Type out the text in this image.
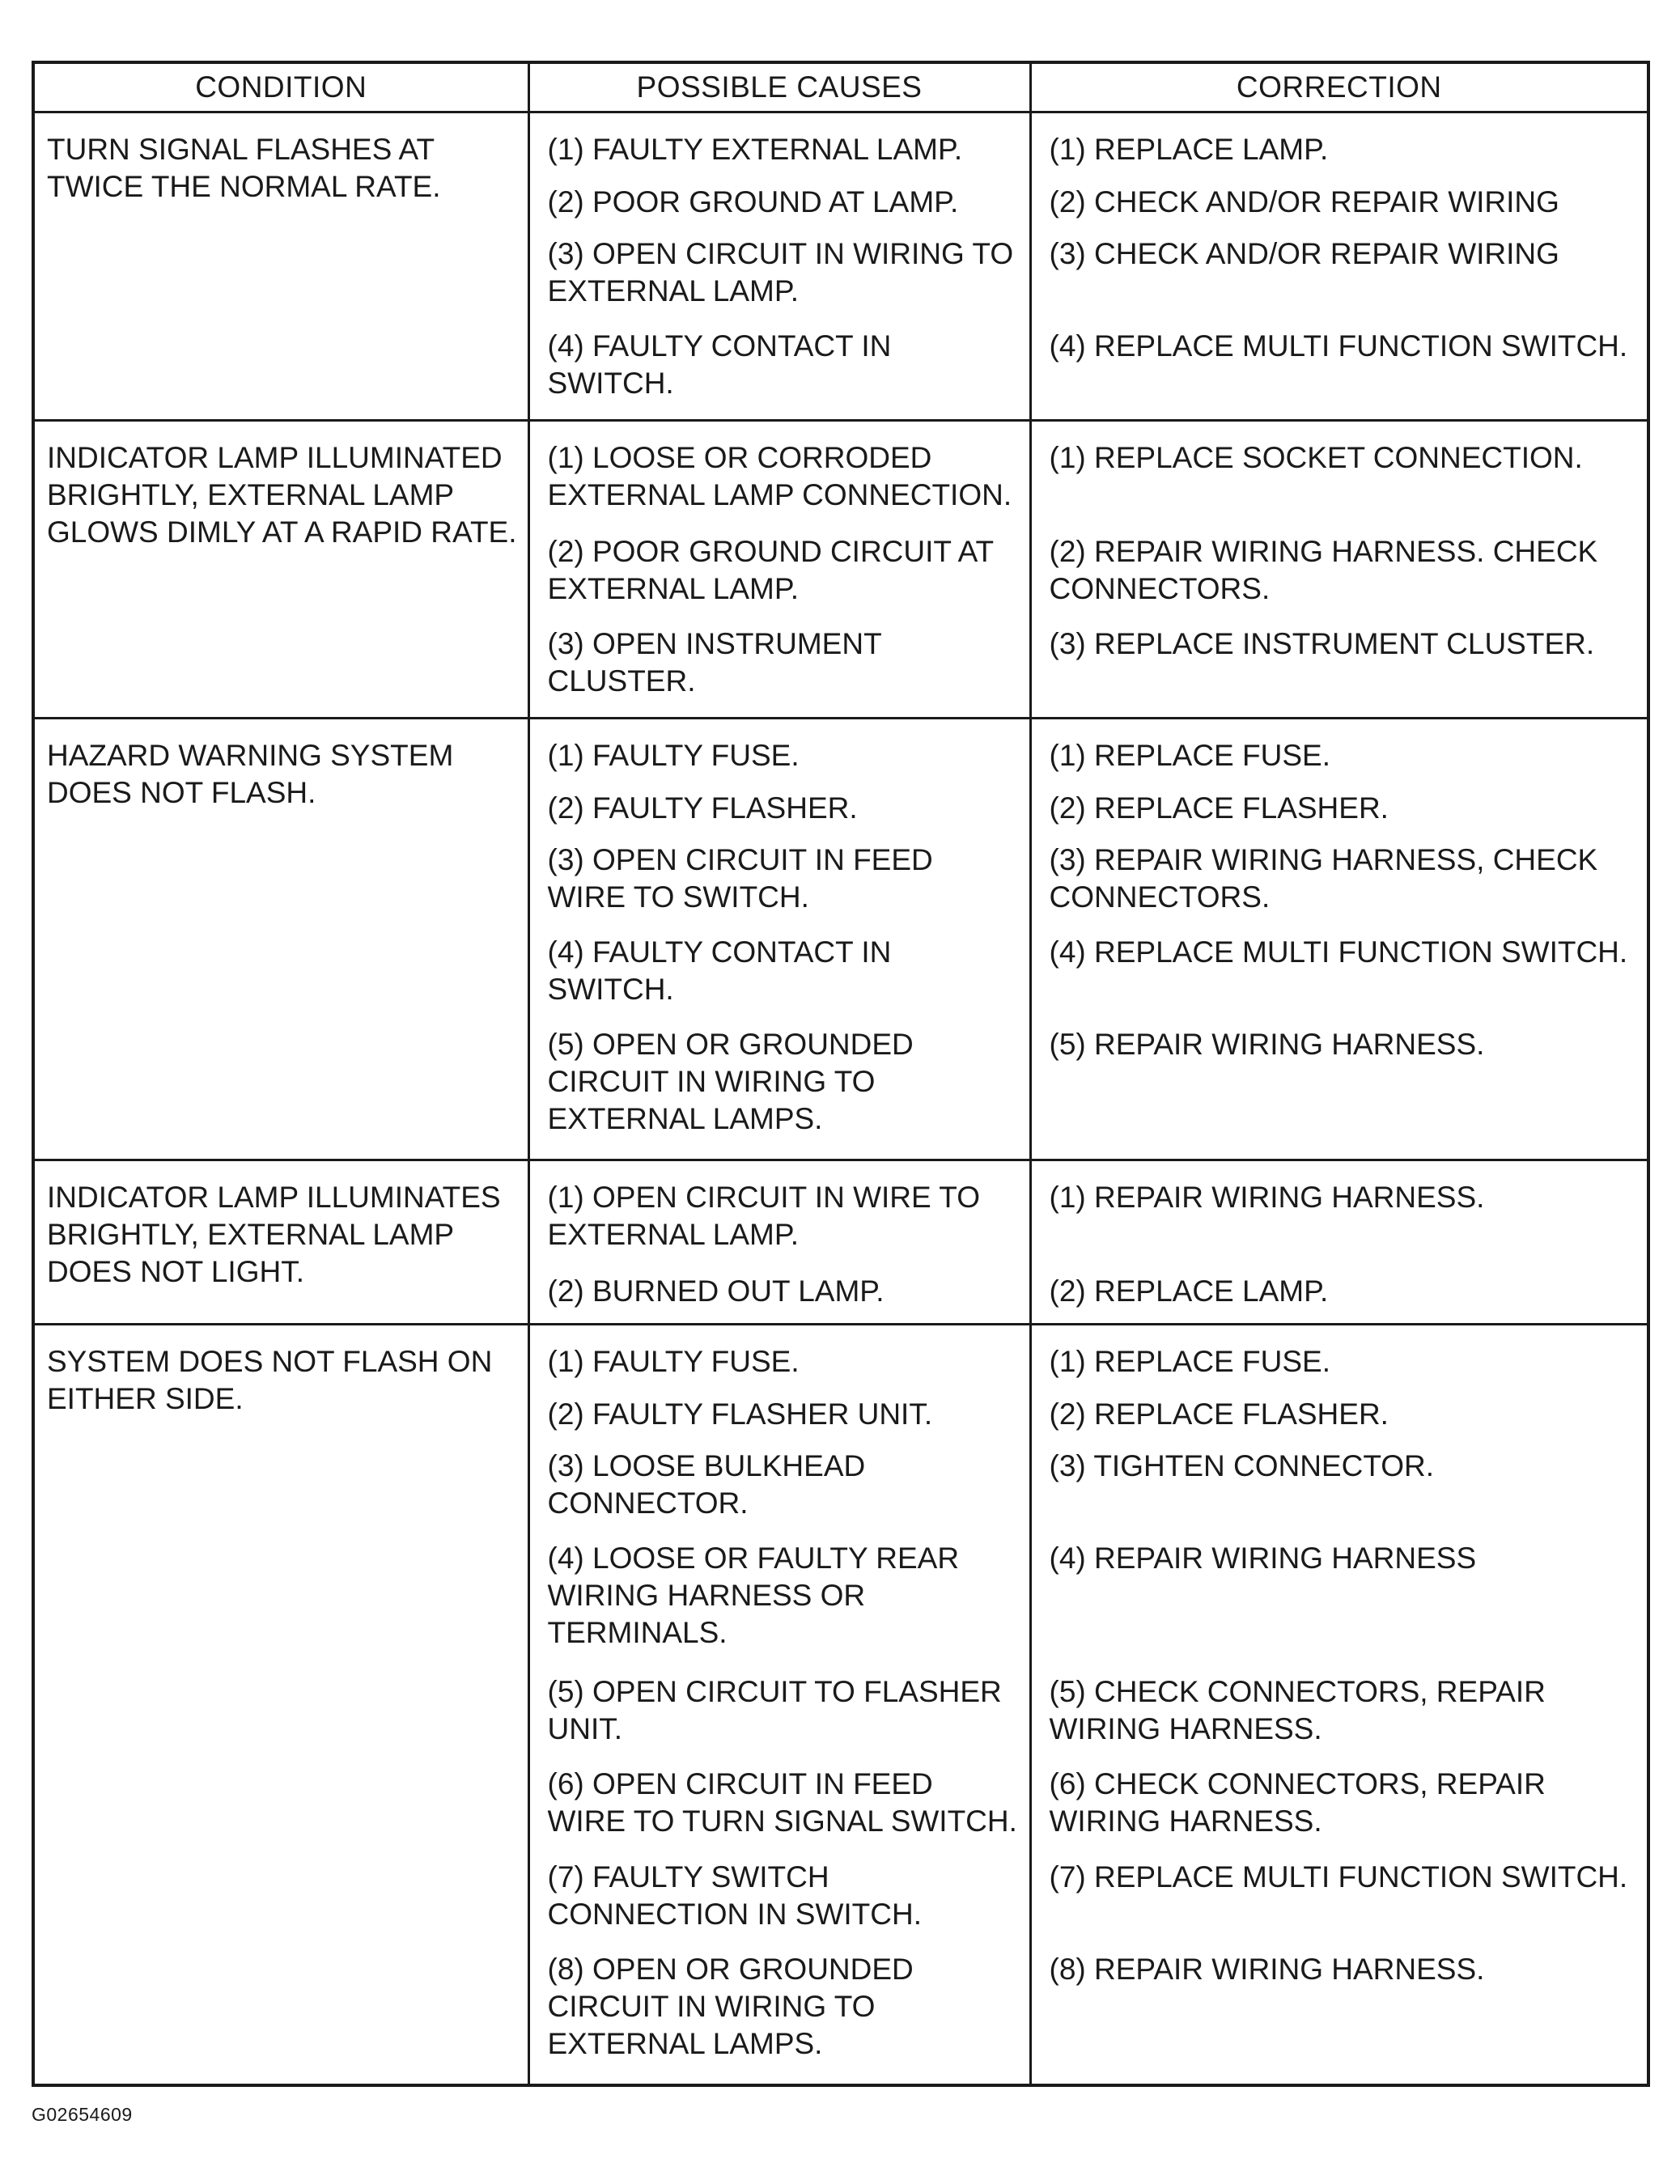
CONDITION	POSSIBLE CAUSES	CORRECTION

TURN SIGNAL FLASHES AT TWICE THE NORMAL RATE.	(1) FAULTY EXTERNAL LAMP.	(1) REPLACE LAMP.

	(2) POOR GROUND AT LAMP.	(2) CHECK AND/OR REPAIR WIRING

	(3) OPEN CIRCUIT IN WIRING TO EXTERNAL LAMP.	(3) CHECK AND/OR REPAIR WIRING

	(4) FAULTY CONTACT IN SWITCH.	(4) REPLACE MULTI FUNCTION SWITCH.

INDICATOR LAMP ILLUMINATED BRIGHTLY, EXTERNAL LAMP GLOWS DIMLY AT A RAPID RATE.	(1) LOOSE OR CORRODED EXTERNAL LAMP CONNECTION.	(1) REPLACE SOCKET CONNECTION.

	(2) POOR GROUND CIRCUIT AT EXTERNAL LAMP.	(2) REPAIR WIRING HARNESS. CHECK CONNECTORS.

	(3) OPEN INSTRUMENT CLUSTER.	(3) REPLACE INSTRUMENT CLUSTER.

HAZARD WARNING SYSTEM DOES NOT FLASH.	(1) FAULTY FUSE.	(1) REPLACE FUSE.

	(2) FAULTY FLASHER.	(2) REPLACE FLASHER.

	(3) OPEN CIRCUIT IN FEED WIRE TO SWITCH.	(3) REPAIR WIRING HARNESS, CHECK CONNECTORS.

	(4) FAULTY CONTACT IN SWITCH.	(4) REPLACE MULTI FUNCTION SWITCH.

	(5) OPEN OR GROUNDED CIRCUIT IN WIRING TO EXTERNAL LAMPS.	(5) REPAIR WIRING HARNESS.

INDICATOR LAMP ILLUMINATES BRIGHTLY, EXTERNAL LAMP DOES NOT LIGHT.	(1) OPEN CIRCUIT IN WIRE TO EXTERNAL LAMP.	(1) REPAIR WIRING HARNESS.

	(2) BURNED OUT LAMP.	(2) REPLACE LAMP.

SYSTEM DOES NOT FLASH ON EITHER SIDE.	(1) FAULTY FUSE.	(1) REPLACE FUSE.

	(2) FAULTY FLASHER UNIT.	(2) REPLACE FLASHER.

	(3) LOOSE BULKHEAD CONNECTOR.	(3) TIGHTEN CONNECTOR.

	(4) LOOSE OR FAULTY REAR WIRING HARNESS OR TERMINALS.	(4) REPAIR WIRING HARNESS

	(5) OPEN CIRCUIT TO FLASHER UNIT.	(5) CHECK CONNECTORS, REPAIR WIRING HARNESS.

	(6) OPEN CIRCUIT IN FEED WIRE TO TURN SIGNAL SWITCH.	(6) CHECK CONNECTORS, REPAIR WIRING HARNESS.

	(7) FAULTY SWITCH CONNECTION IN SWITCH.	(7) REPLACE MULTI FUNCTION SWITCH.

	(8) OPEN OR GROUNDED CIRCUIT IN WIRING TO EXTERNAL LAMPS.	(8) REPAIR WIRING HARNESS.
G02654609
